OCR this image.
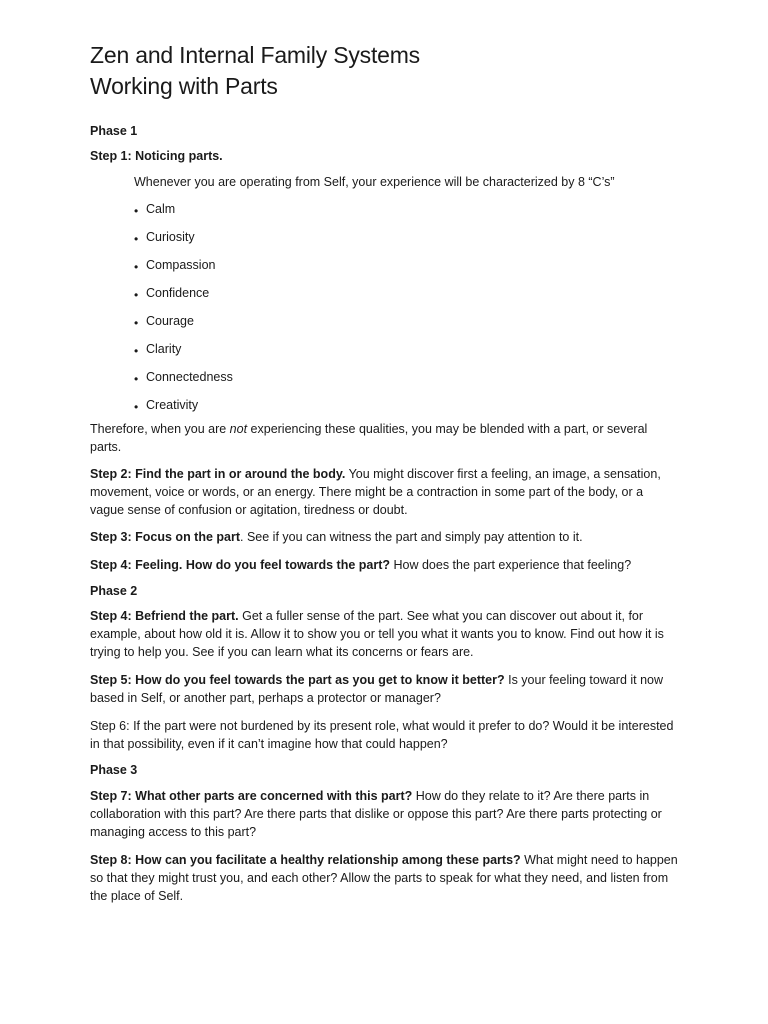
Zen and Internal Family Systems
Working with Parts
Phase 1
Step 1: Noticing parts.

Whenever you are operating from Self, your experience will be characterized by 8 “C’s”

• Calm
• Curiosity
• Compassion
• Confidence
• Courage
• Clarity
• Connectedness
• Creativity

Therefore, when you are not experiencing these qualities, you may be blended with a part, or several parts.

Step 2: Find the part in or around the body. You might discover first a feeling, an image, a sensation, movement, voice or words, or an energy. There might be a contraction in some part of the body, or a vague sense of confusion or agitation, tiredness or doubt.

Step 3: Focus on the part. See if you can witness the part and simply pay attention to it.

Step 4: Feeling. How do you feel towards the part? How does the part experience that feeling?

Phase 2

Step 4: Befriend the part. Get a fuller sense of the part. See what you can discover out about it, for example, about how old it is. Allow it to show you or tell you what it wants you to know. Find out how it is trying to help you. See if you can learn what its concerns or fears are.

Step 5: How do you feel towards the part as you get to know it better? Is your feeling toward it now based in Self, or another part, perhaps a protector or manager?

Step 6: If the part were not burdened by its present role, what would it prefer to do? Would it be interested in that possibility, even if it can’t imagine how that could happen?

Phase 3

Step 7: What other parts are concerned with this part? How do they relate to it? Are there parts in collaboration with this part? Are there parts that dislike or oppose this part? Are there parts protecting or managing access to this part?

Step 8: How can you facilitate a healthy relationship among these parts? What might need to happen so that they might trust you, and each other? Allow the parts to speak for what they need, and listen from the place of Self.
